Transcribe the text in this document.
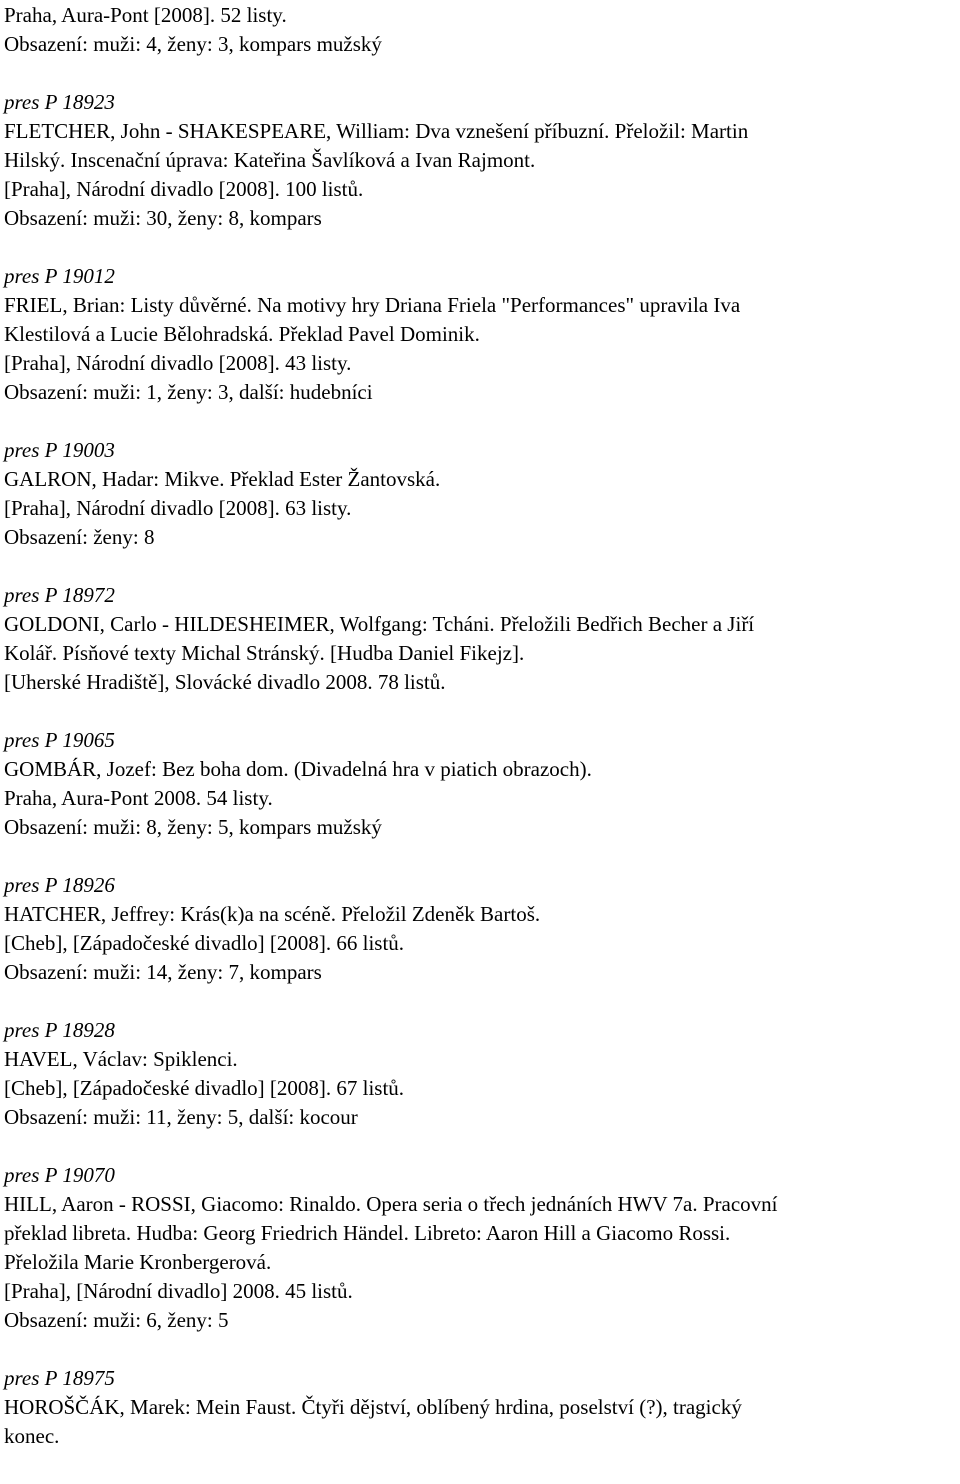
Praha, Aura-Pont [2008]. 52 listy.
Obsazení: muži: 4, ženy: 3, kompars mužský
pres P 18923
FLETCHER, John - SHAKESPEARE, William: Dva vznešení příbuzní. Přeložil: Martin
Hilský. Inscenační úprava: Kateřina Šavlíková a Ivan Rajmont.
[Praha], Národní divadlo [2008]. 100 listů.
Obsazení: muži: 30, ženy: 8, kompars
pres P 19012
FRIEL, Brian: Listy důvěrné. Na motivy hry Driana Friela "Performances" upravila Iva
Klestilová a Lucie Bělohradská. Překlad Pavel Dominik.
[Praha], Národní divadlo [2008]. 43 listy.
Obsazení: muži: 1, ženy: 3, další: hudebníci
pres P 19003
GALRON, Hadar: Mikve. Překlad Ester Žantovská.
[Praha], Národní divadlo [2008]. 63 listy.
Obsazení: ženy: 8
pres P 18972
GOLDONI, Carlo - HILDESHEIMER, Wolfgang: Tcháni. Přeložili Bedřich Becher a Jiří
Kolář. Písňové texty Michal Stránský. [Hudba Daniel Fikejz].
[Uherské Hradiště], Slovácké divadlo 2008. 78 listů.
pres P 19065
GOMBÁR, Jozef: Bez boha dom. (Divadelná hra v piatich obrazoch).
Praha, Aura-Pont 2008. 54 listy.
Obsazení: muži: 8, ženy: 5, kompars mužský
pres P 18926
HATCHER, Jeffrey: Krás(k)a na scéně. Přeložil Zdeněk Bartoš.
[Cheb], [Západočeské divadlo] [2008]. 66 listů.
Obsazení: muži: 14, ženy: 7, kompars
pres P 18928
HAVEL, Václav: Spiklenci.
[Cheb], [Západočeské divadlo] [2008]. 67 listů.
Obsazení: muži: 11, ženy: 5, další: kocour
pres P 19070
HILL, Aaron - ROSSI, Giacomo: Rinaldo. Opera seria o třech jednáních HWV 7a. Pracovní
překlad libreta. Hudba: Georg Friedrich Händel. Libreto: Aaron Hill a Giacomo Rossi.
Přeložila Marie Kronbergerová.
[Praha], [Národní divadlo] 2008. 45 listů.
Obsazení: muži: 6, ženy: 5
pres P 18975
HOROŠČÁK, Marek: Mein Faust. Čtyři dějství, oblíbený hrdina, poselství (?), tragický
konec.
